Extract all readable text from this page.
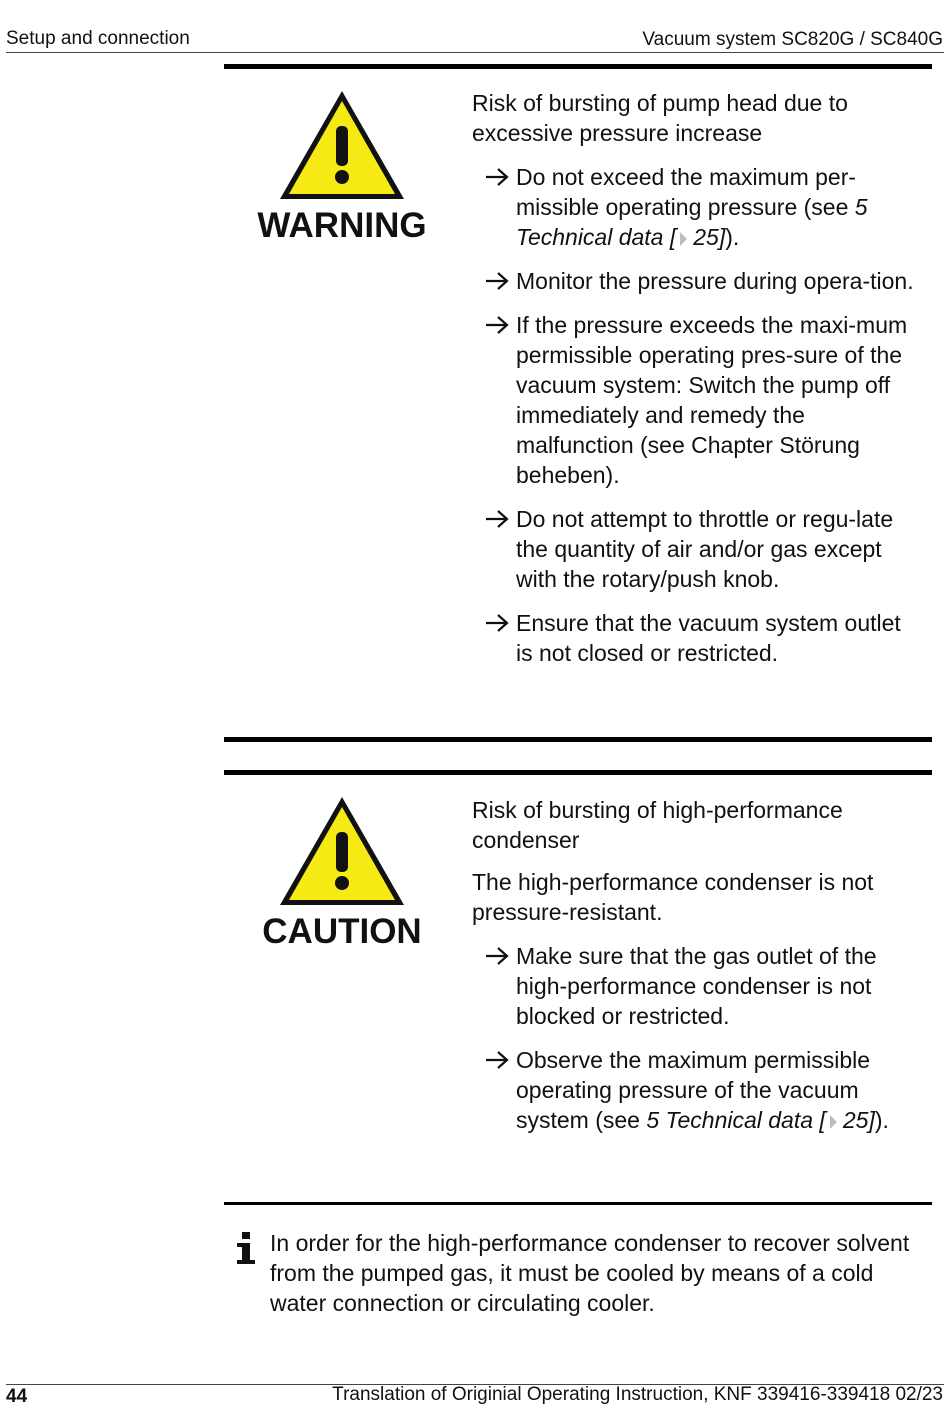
Setup and connection	Vacuum system SC820G / SC840G
WARNING

Risk of bursting of pump head due to excessive pressure increase

Do not exceed the maximum per-missible operating pressure (see 5 Technical data [ 25]).
Monitor the pressure during opera-tion.
If the pressure exceeds the maxi-mum permissible operating pres-sure of the vacuum system: Switch the pump off immediately and remedy the malfunction (see Chapter Störung beheben).
Do not attempt to throttle or regu-late the quantity of air and/or gas except with the rotary/push knob.
Ensure that the vacuum system outlet is not closed or restricted.
CAUTION

Risk of bursting of high-performance condenser

The high-performance condenser is not pressure-resistant.

Make sure that the gas outlet of the high-performance condenser is not blocked or restricted.
Observe the maximum permissible operating pressure of the vacuum system (see 5 Technical data [ 25]).
In order for the high-performance condenser to recover solvent from the pumped gas, it must be cooled by means of a cold water connection or circulating cooler.
44	Translation of Originial Operating Instruction, KNF 339416-339418 02/23
